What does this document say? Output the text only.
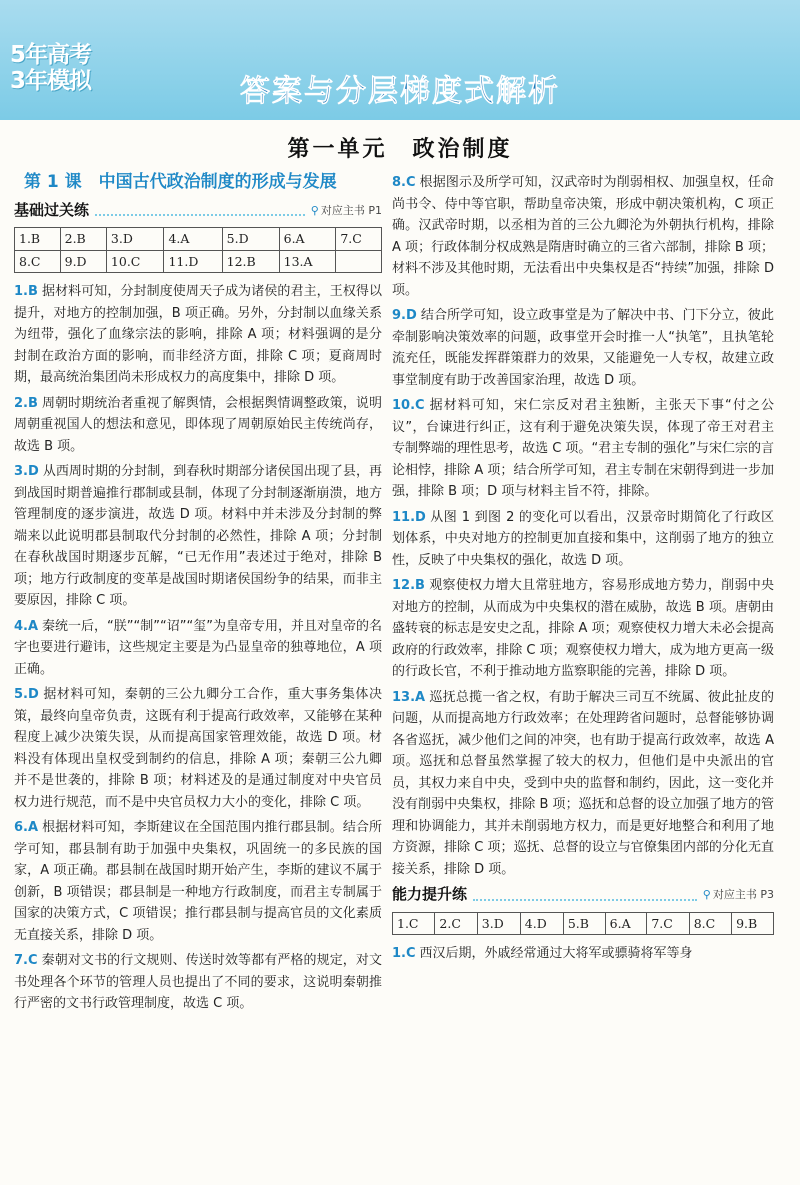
5年高考
3年模拟	答案与分层梯度式解析
第一单元　政治制度
第 1 课　中国古代政治制度的形成与发展
基础过关练	⚲ 对应主书 P1
1.B	2.B	3.D	4.A	5.D	6.A	7.C
8.C	9.D	10.C	11.D	12.B	13.A	
1.B 据材料可知，分封制度使周天子成为诸侯的君主，王权得以提升，对地方的控制加强，B 项正确。另外，分封制以血缘关系为纽带，强化了血缘宗法的影响，排除 A 项；材料强调的是分封制在政治方面的影响，而非经济方面，排除 C 项；夏商周时期，最高统治集团尚未形成权力的高度集中，排除 D 项。
2.B 周朝时期统治者重视了解舆情，会根据舆情调整政策，说明周朝重视国人的想法和意见，即体现了周朝原始民主传统尚存，故选 B 项。
3.D 从西周时期的分封制，到春秋时期部分诸侯国出现了县，再到战国时期普遍推行郡制或县制，体现了分封制逐渐崩溃，地方管理制度的逐步演进，故选 D 项。材料中并未涉及分封制的弊端来以此说明郡县制取代分封制的必然性，排除 A 项；分封制在春秋战国时期逐步瓦解，“已无作用”表述过于绝对，排除 B 项；地方行政制度的变革是战国时期诸侯国纷争的结果，而非主要原因，排除 C 项。
4.A 秦统一后，“朕”“制”“诏”“玺”为皇帝专用，并且对皇帝的名字也要进行避讳，这些规定主要是为凸显皇帝的独尊地位，A 项正确。
5.D 据材料可知，秦朝的三公九卿分工合作，重大事务集体决策，最终向皇帝负责，这既有利于提高行政效率，又能够在某种程度上减少决策失误，从而提高国家管理效能，故选 D 项。材料没有体现出皇权受到制约的信息，排除 A 项；秦朝三公九卿并不是世袭的，排除 B 项；材料述及的是通过制度对中央官员权力进行规范，而不是中央官员权力大小的变化，排除 C 项。
6.A 根据材料可知，李斯建议在全国范围内推行郡县制。结合所学可知，郡县制有助于加强中央集权，巩固统一的多民族的国家，A 项正确。郡县制在战国时期开始产生，李斯的建议不属于创新，B 项错误；郡县制是一种地方行政制度，而君主专制属于国家的决策方式，C 项错误；推行郡县制与提高官员的文化素质无直接关系，排除 D 项。
7.C 秦朝对文书的行文规则、传送时效等都有严格的规定，对文书处理各个环节的管理人员也提出了不同的要求，这说明秦朝推行严密的文书行政管理制度，故选 C 项。
8.C 根据图示及所学可知，汉武帝时为削弱相权、加强皇权，任命尚书令、侍中等官职，帮助皇帝决策，形成中朝决策机构，C 项正确。汉武帝时期，以丞相为首的三公九卿沦为外朝执行机构，排除 A 项；行政体制分权成熟是隋唐时确立的三省六部制，排除 B 项；材料不涉及其他时期，无法看出中央集权是否“持续”加强，排除 D 项。
9.D 结合所学可知，设立政事堂是为了解决中书、门下分立，彼此牵制影响决策效率的问题，政事堂开会时推一人“执笔”，且执笔轮流充任，既能发挥群策群力的效果，又能避免一人专权，故建立政事堂制度有助于改善国家治理，故选 D 项。
10.C 据材料可知，宋仁宗反对君主独断，主张天下事“付之公议”，台谏进行纠正，这有利于避免决策失误，体现了帝王对君主专制弊端的理性思考，故选 C 项。“君主专制的强化”与宋仁宗的言论相悖，排除 A 项；结合所学可知，君主专制在宋朝得到进一步加强，排除 B 项；D 项与材料主旨不符，排除。
11.D 从图 1 到图 2 的变化可以看出，汉景帝时期简化了行政区划体系，中央对地方的控制更加直接和集中，这削弱了地方的独立性，反映了中央集权的强化，故选 D 项。
12.B 观察使权力增大且常驻地方，容易形成地方势力，削弱中央对地方的控制，从而成为中央集权的潜在威胁，故选 B 项。唐朝由盛转衰的标志是安史之乱，排除 A 项；观察使权力增大未必会提高政府的行政效率，排除 C 项；观察使权力增大，成为地方更高一级的行政长官，不利于推动地方监察职能的完善，排除 D 项。
13.A 巡抚总揽一省之权，有助于解决三司互不统属、彼此扯皮的问题，从而提高地方行政效率；在处理跨省问题时，总督能够协调各省巡抚，减少他们之间的冲突，也有助于提高行政效率，故选 A 项。巡抚和总督虽然掌握了较大的权力，但他们是中央派出的官员，其权力来自中央，受到中央的监督和制约，因此，这一变化并没有削弱中央集权，排除 B 项；巡抚和总督的设立加强了地方的管理和协调能力，其并未削弱地方权力，而是更好地整合和利用了地方资源，排除 C 项；巡抚、总督的设立与官僚集团内部的分化无直接关系，排除 D 项。
能力提升练	⚲ 对应主书 P3
1.C	2.C	3.D	4.D	5.B	6.A	7.C	8.C	9.B
1.C 西汉后期，外戚经常通过大将军或骠骑将军等身
